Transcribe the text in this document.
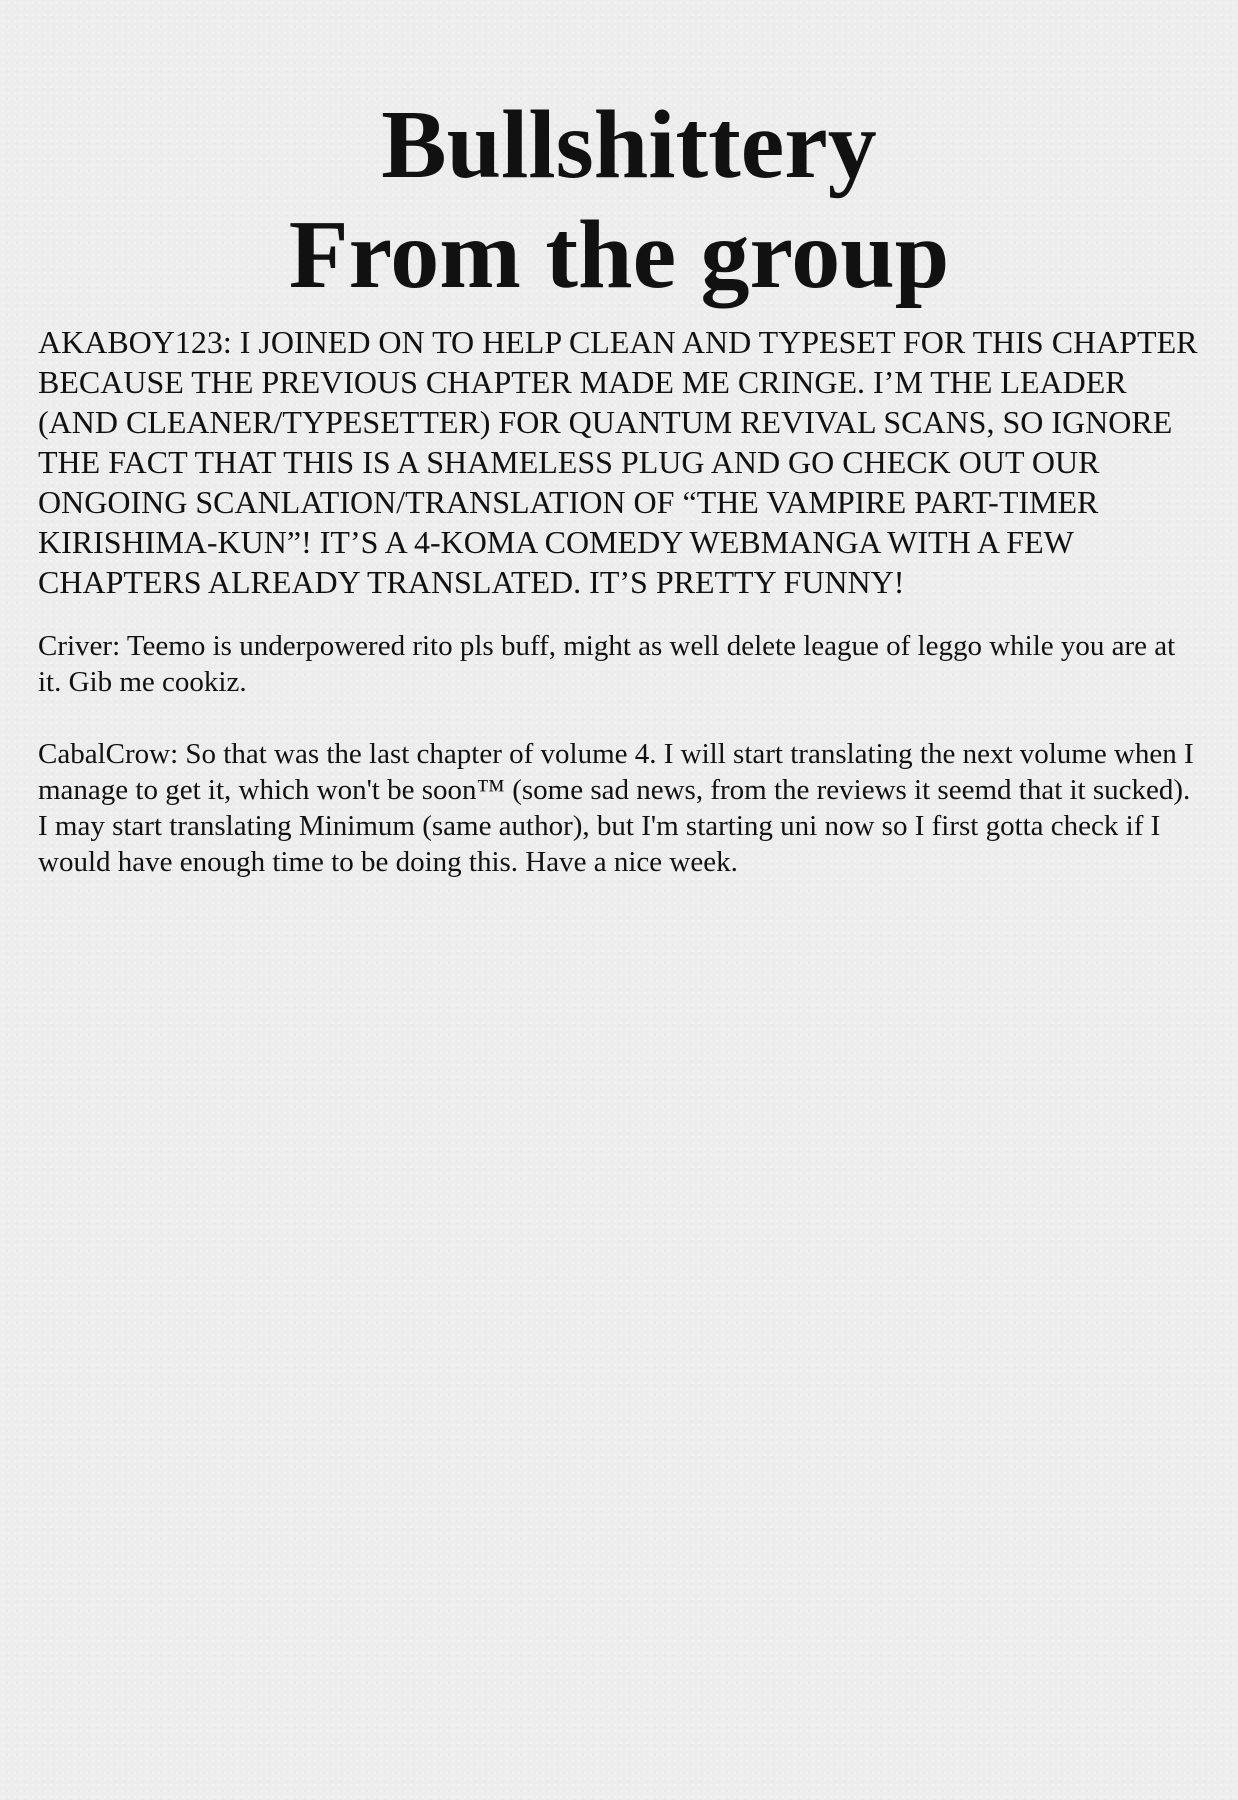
Bullshittery
From the group

AKABOY123: I JOINED ON TO HELP CLEAN AND TYPESET FOR THIS CHAPTER BECAUSE THE PREVIOUS CHAPTER MADE ME CRINGE. I’M THE LEADER (AND CLEANER/TYPESETTER) FOR QUANTUM REVIVAL SCANS, SO IGNORE THE FACT THAT THIS IS A SHAMELESS PLUG AND GO CHECK OUT OUR ONGOING SCANLATION/TRANSLATION OF “THE VAMPIRE PART-TIMER KIRISHIMA-KUN”! IT’S A 4-KOMA COMEDY WEBMANGA WITH A FEW CHAPTERS ALREADY TRANSLATED. IT’S PRETTY FUNNY!

Criver: Teemo is underpowered rito pls buff, might as well delete league of leggo while you are at it. Gib me cookiz.

CabalCrow: So that was the last chapter of volume 4. I will start translating the next volume when I manage to get it, which won't be soon™ (some sad news, from the reviews it seemd that it sucked). I may start translating Minimum (same author), but I'm starting uni now so I first gotta check if I would have enough time to be doing this. Have a nice week.
